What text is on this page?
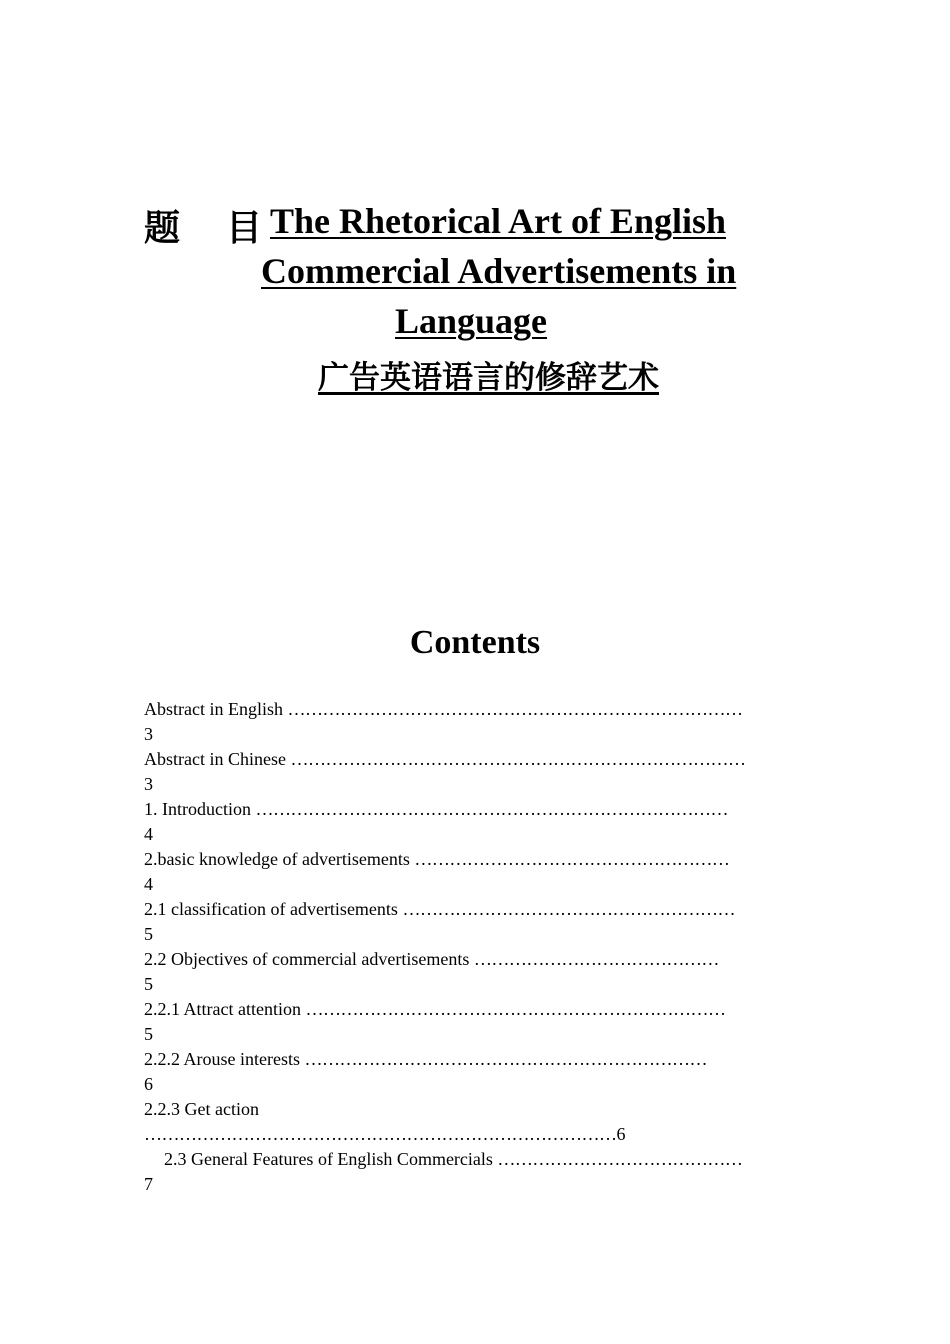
题 目 The Rhetorical Art of English
Commercial Advertisements in
Language
广告英语语言的修辞艺术
Contents
Abstract in English ……………………………………………………………………
3
Abstract in Chinese ……………………………………………………………………
3
1. Introduction ………………………………………………………………………
4
2.basic knowledge of advertisements ………………………………………………
4
2.1 classification of advertisements …………………………………………………
5
2.2 Objectives of commercial advertisements ……………………………………
5
2.2.1 Attract attention ………………………………………………………………
5
2.2.2 Arouse interests ……………………………………………………………
6
2.2.3 Get action
………………………………………………………………………6
2.3 General Features of English Commercials ……………………………………
7
